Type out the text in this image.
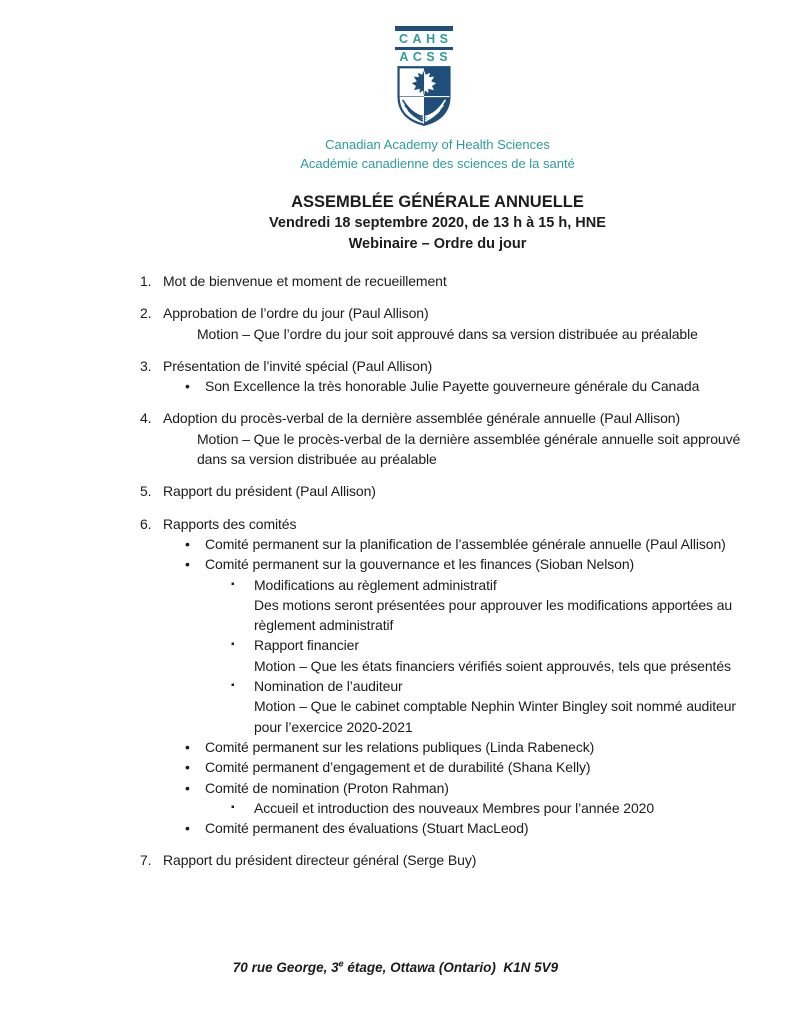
CAHS
ACSS
Canadian Academy of Health Sciences
Académie canadienne des sciences de la santé
ASSEMBLÉE GÉNÉRALE ANNUELLE
Vendredi 18 septembre 2020, de 13 h à 15 h, HNE
Webinaire – Ordre du jour
1. Mot de bienvenue et moment de recueillement
2. Approbation de l’ordre du jour (Paul Allison)
Motion – Que l’ordre du jour soit approuvé dans sa version distribuée au préalable
3. Présentation de l’invité spécial (Paul Allison)
• Son Excellence la très honorable Julie Payette gouverneure générale du Canada
4. Adoption du procès-verbal de la dernière assemblée générale annuelle (Paul Allison)
Motion – Que le procès-verbal de la dernière assemblée générale annuelle soit approuvé
dans sa version distribuée au préalable
5. Rapport du président (Paul Allison)
6. Rapports des comités
• Comité permanent sur la planification de l’assemblée générale annuelle (Paul Allison)
• Comité permanent sur la gouvernance et les finances (Sioban Nelson)
▪ Modifications au règlement administratif
Des motions seront présentées pour approuver les modifications apportées au
règlement administratif
▪ Rapport financier
Motion – Que les états financiers vérifiés soient approuvés, tels que présentés
▪ Nomination de l’auditeur
Motion – Que le cabinet comptable Nephin Winter Bingley soit nommé auditeur
pour l’exercice 2020-2021
• Comité permanent sur les relations publiques (Linda Rabeneck)
• Comité permanent d’engagement et de durabilité (Shana Kelly)
• Comité de nomination (Proton Rahman)
▪ Accueil et introduction des nouveaux Membres pour l’année 2020
• Comité permanent des évaluations (Stuart MacLeod)
7. Rapport du président directeur général (Serge Buy)
70 rue George, 3e étage, Ottawa (Ontario)  K1N 5V9
